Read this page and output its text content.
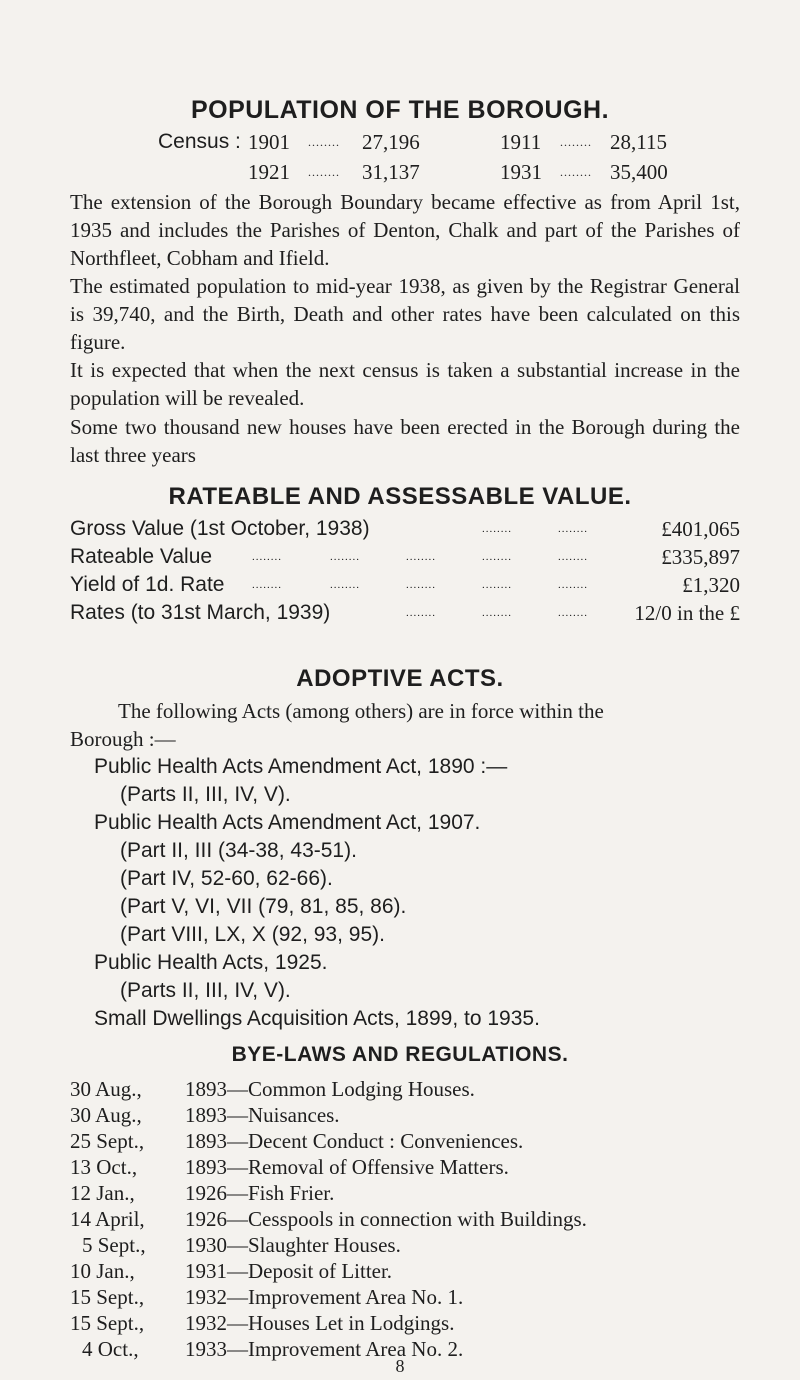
POPULATION OF THE BOROUGH.
Census : 1901 ........ 27,196	1911 ........ 28,115
1921 ........ 31,137	1931 ........ 35,400
The extension of the Borough Boundary became effective as from April 1st, 1935 and includes the Parishes of Denton, Chalk and part of the Parishes of Northfleet, Cobham and Ifield.
The estimated population to mid-year 1938, as given by the Registrar General is 39,740, and the Birth, Death and other rates have been calculated on this figure.
It is expected that when the next census is taken a substantial increase in the population will be revealed.
Some two thousand new houses have been erected in the Borough during the last three years
RATEABLE AND ASSESSABLE VALUE.
Gross Value (1st October, 1938)	........	........	£401,065
Rateable Value	........	........	........	........	........	£335,897
Yield of 1d. Rate	........	........	........	........	........	£1,320
Rates (to 31st March, 1939)	........	........	........ 12/0 in the £
ADOPTIVE ACTS.
The following Acts (among others) are in force within the
Borough :—
Public Health Acts Amendment Act, 1890 :—
(Parts II, III, IV, V).
Public Health Acts Amendment Act, 1907.
(Part II, III (34-38, 43-51).
(Part IV, 52-60, 62-66).
(Part V, VI, VII (79, 81, 85, 86).
(Part VIII, LX, X (92, 93, 95).
Public Health Acts, 1925.
(Parts II, III, IV, V).
Small Dwellings Acquisition Acts, 1899, to 1935.
BYE-LAWS AND REGULATIONS.
30 Aug.,	1893—Common Lodging Houses.
30 Aug.,	1893—Nuisances.
25 Sept.,	1893—Decent Conduct : Conveniences.
13 Oct.,	1893—Removal of Offensive Matters.
12 Jan.,	1926—Fish Frier.
14 April,	1926—Cesspools in connection with Buildings.
5 Sept.,	1930—Slaughter Houses.
10 Jan.,	1931—Deposit of Litter.
15 Sept.,	1932—Improvement Area No. 1.
15 Sept.,	1932—Houses Let in Lodgings.
4 Oct.,	1933—Improvement Area No. 2.
8
